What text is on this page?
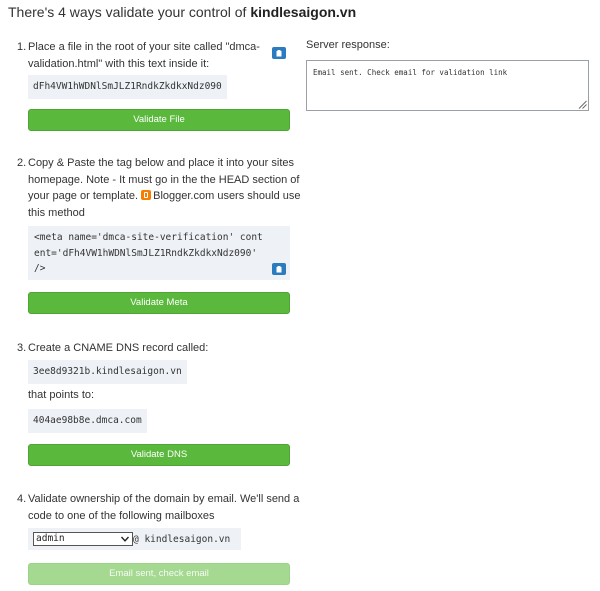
There's 4 ways validate your control of kindlesaigon.vn
1. Place a file in the root of your site called "dmca-validation.html" with this text inside it:
dFh4VW1hWDNlSmJLZ1RndkZkdkxNdz090
Validate File
2. Copy & Paste the tag below and place it into your sites homepage. Note - It must go in the the HEAD section of your page or template. Blogger.com users should use this method
<meta name='dmca-site-verification' cont
ent='dFh4VW1hWDNlSmJLZ1RndkZkdkxNdz090'
/>
Validate Meta
3. Create a CNAME DNS record called:
3ee8d9321b.kindlesaigon.vn
that points to:
404ae98b8e.dmca.com
Validate DNS
4. Validate ownership of the domain by email. We'll send a code to one of the following mailboxes
admin	@ kindlesaigon.vn
Email sent, check email
Server response:
Email sent. Check email for validation link
